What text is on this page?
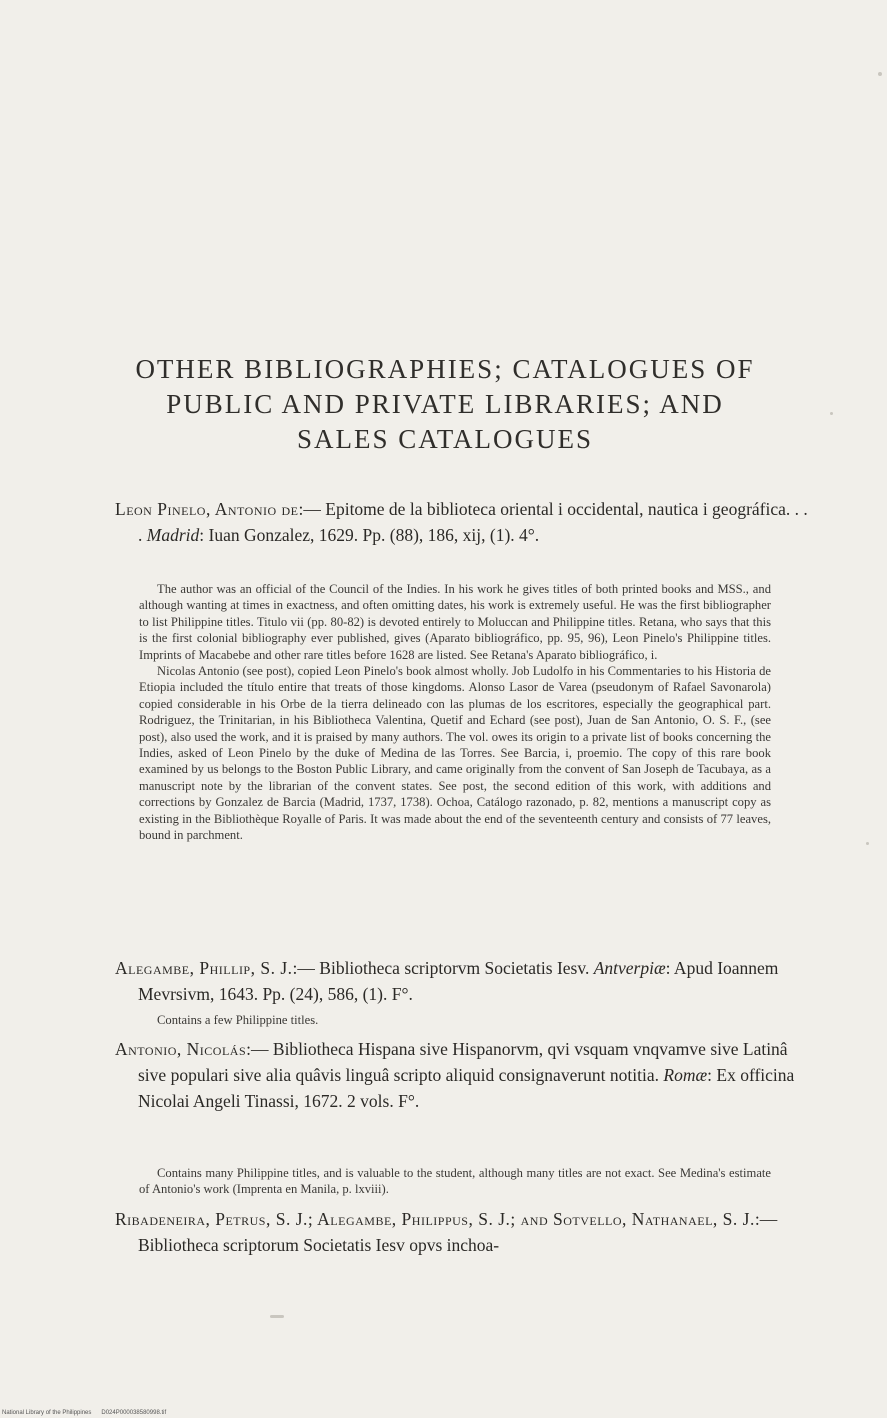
OTHER BIBLIOGRAPHIES; CATALOGUES OF
PUBLIC AND PRIVATE LIBRARIES; AND
SALES CATALOGUES
Leon Pinelo, Antonio de:— Epitome de la biblioteca oriental i occidental, nautica i geográfica. . . . Madrid: Iuan Gonzalez, 1629. Pp. (88), 186, xij, (1). 4°.
The author was an official of the Council of the Indies. In his work he gives titles of both printed books and MSS., and although wanting at times in exactness, and often omitting dates, his work is extremely useful. He was the first bibliographer to list Philippine titles. Titulo vii (pp. 80-82) is devoted entirely to Moluccan and Philippine titles. Retana, who says that this is the first colonial bibliography ever published, gives (Aparato bibliográfico, pp. 95, 96), Leon Pinelo's Philippine titles. Imprints of Macabebe and other rare titles before 1628 are listed. See Retana's Aparato bibliográfico, i.
Nicolas Antonio (see post), copied Leon Pinelo's book almost wholly. Job Ludolfo in his Commentaries to his Historia de Etiopia included the título entire that treats of those kingdoms. Alonso Lasor de Varea (pseudonym of Rafael Savonarola) copied considerable in his Orbe de la tierra delineado con las plumas de los escritores, especially the geographical part. Rodriguez, the Trinitarian, in his Bibliotheca Valentina, Quetif and Echard (see post), Juan de San Antonio, O. S. F., (see post), also used the work, and it is praised by many authors. The vol. owes its origin to a private list of books concerning the Indies, asked of Leon Pinelo by the duke of Medina de las Torres. See Barcia, i, proemio. The copy of this rare book examined by us belongs to the Boston Public Library, and came originally from the convent of San Joseph de Tacubaya, as a manuscript note by the librarian of the convent states. See post, the second edition of this work, with additions and corrections by Gonzalez de Barcia (Madrid, 1737, 1738). Ochoa, Catálogo razonado, p. 82, mentions a manuscript copy as existing in the Bibliothèque Royalle of Paris. It was made about the end of the seventeenth century and consists of 77 leaves, bound in parchment.
Alegambe, Phillip, S. J.:— Bibliotheca scriptorvm Societatis Iesv. Antverpiæ: Apud Ioannem Mevrsivm, 1643. Pp. (24), 586, (1). F°.
Contains a few Philippine titles.
Antonio, Nicolás:— Bibliotheca Hispana sive Hispanorvm, qvi vsquam vnqvamve sive Latinâ sive populari sive alia quâvis linguâ scripto aliquid consignaverunt notitia. Romæ: Ex officina Nicolai Angeli Tinassi, 1672. 2 vols. F°.
Contains many Philippine titles, and is valuable to the student, although many titles are not exact. See Medina's estimate of Antonio's work (Imprenta en Manila, p. lxviii).
Ribadeneira, Petrus, S. J.; Alegambe, Philippus, S. J.; and Sotvello, Nathanael, S. J.:— Bibliotheca scriptorum Societatis Iesv opvs inchoa-
National Library of the Philippines D024P000038580998.tif
